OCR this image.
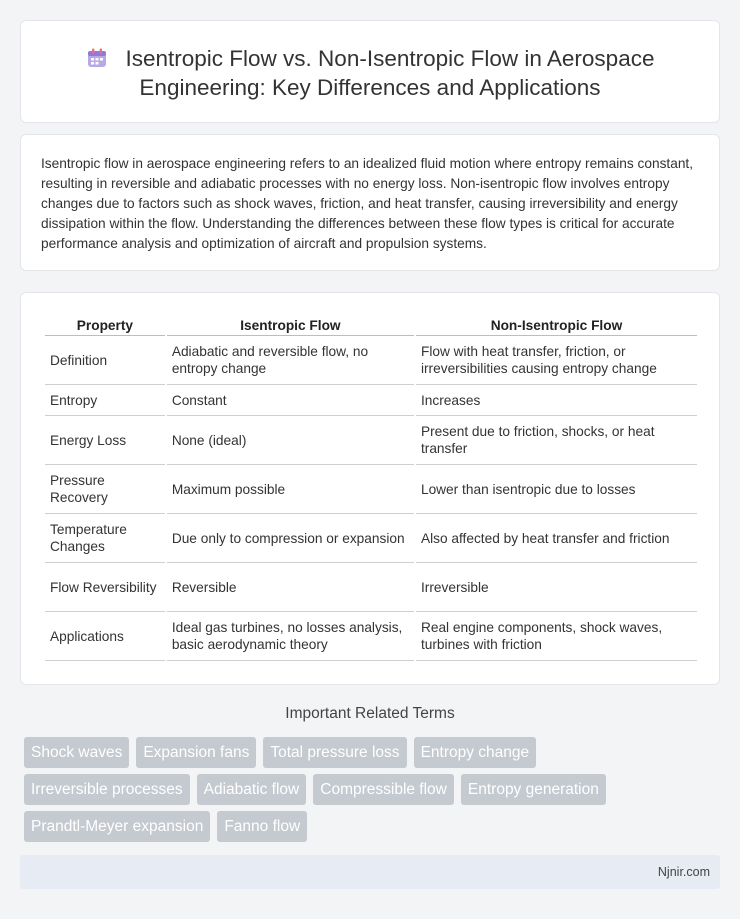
Isentropic Flow vs. Non-Isentropic Flow in Aerospace Engineering: Key Differences and Applications

Isentropic flow in aerospace engineering refers to an idealized fluid motion where entropy remains constant, resulting in reversible and adiabatic processes with no energy loss. Non-isentropic flow involves entropy changes due to factors such as shock waves, friction, and heat transfer, causing irreversibility and energy dissipation within the flow. Understanding the differences between these flow types is critical for accurate performance analysis and optimization of aircraft and propulsion systems.

Property	Isentropic Flow	Non-Isentropic Flow
Definition	Adiabatic and reversible flow, no entropy change	Flow with heat transfer, friction, or irreversibilities causing entropy change
Entropy	Constant	Increases
Energy Loss	None (ideal)	Present due to friction, shocks, or heat transfer
Pressure Recovery	Maximum possible	Lower than isentropic due to losses
Temperature Changes	Due only to compression or expansion	Also affected by heat transfer and friction
Flow Reversibility	Reversible	Irreversible
Applications	Ideal gas turbines, no losses analysis, basic aerodynamic theory	Real engine components, shock waves, turbines with friction
Important Related Terms
Shock waves	Expansion fans	Total pressure loss	Entropy change
Irreversible processes	Adiabatic flow	Compressible flow	Entropy generation
Prandtl-Meyer expansion	Fanno flow
Njnir.com
